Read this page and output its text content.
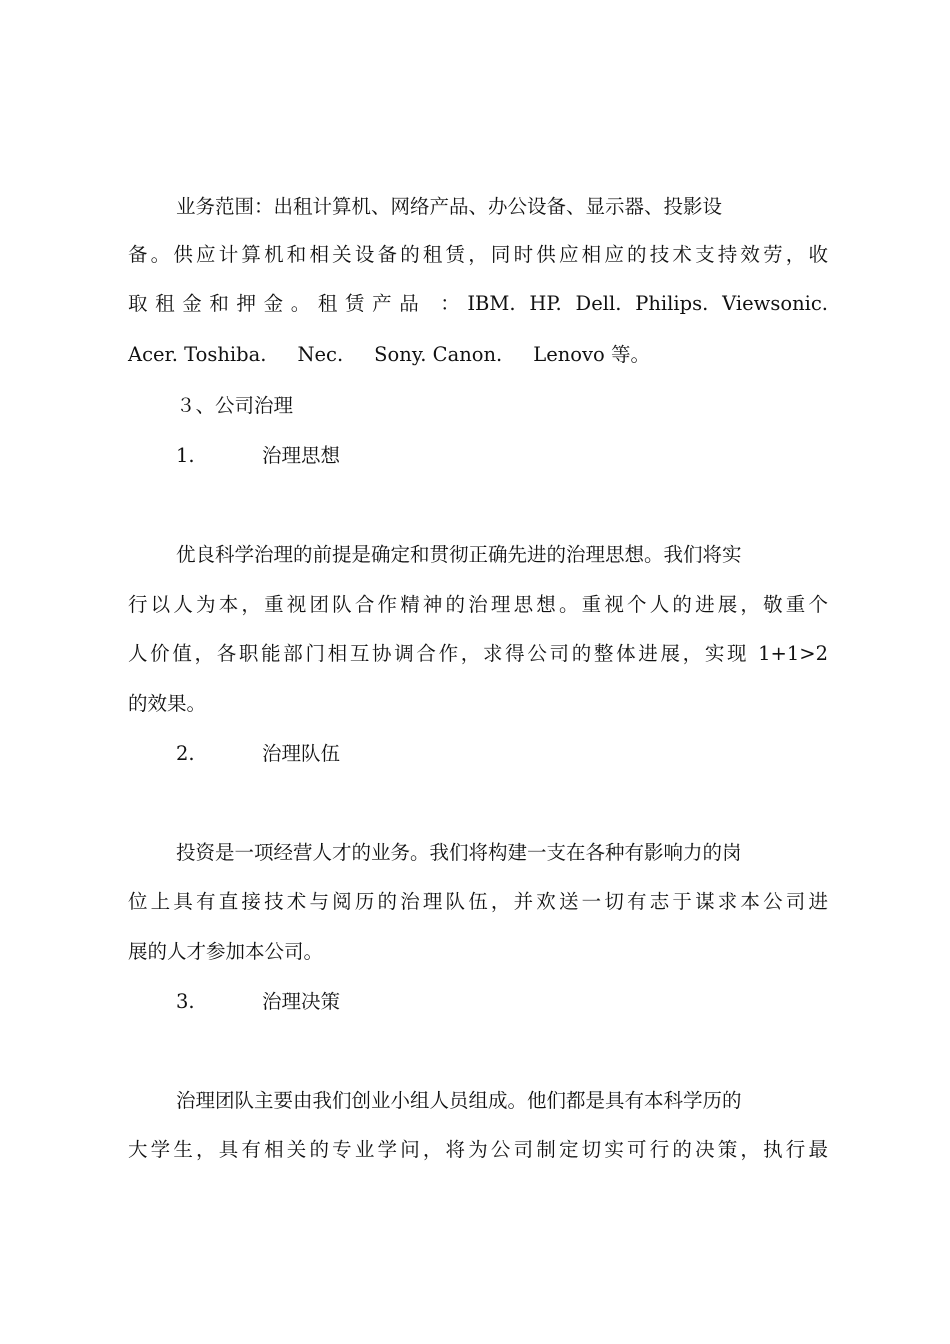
业务范围：出租计算机、网络产品、办公设备、显示器、投影设
备。供应计算机和相关设备的租赁，同时供应相应的技术支持效劳，收
取租金和押金。租赁产品 ：IBM. HP. Dell. Philips. Viewsonic.
Acer. Toshiba.     Nec.     Sony. Canon.     Lenovo 等。
３、公司治理
1.	治理思想
优良科学治理的前提是确定和贯彻正确先进的治理思想。我们将实
行以人为本，重视团队合作精神的治理思想。重视个人的进展，敬重个
人价值，各职能部门相互协调合作，求得公司的整体进展，实现 1+1>2
的效果。
2.	治理队伍
投资是一项经营人才的业务。我们将构建一支在各种有影响力的岗
位上具有直接技术与阅历的治理队伍，并欢送一切有志于谋求本公司进
展的人才参加本公司。
3.	治理决策
治理团队主要由我们创业小组人员组成。他们都是具有本科学历的
大学生，具有相关的专业学问，将为公司制定切实可行的决策，执行最
